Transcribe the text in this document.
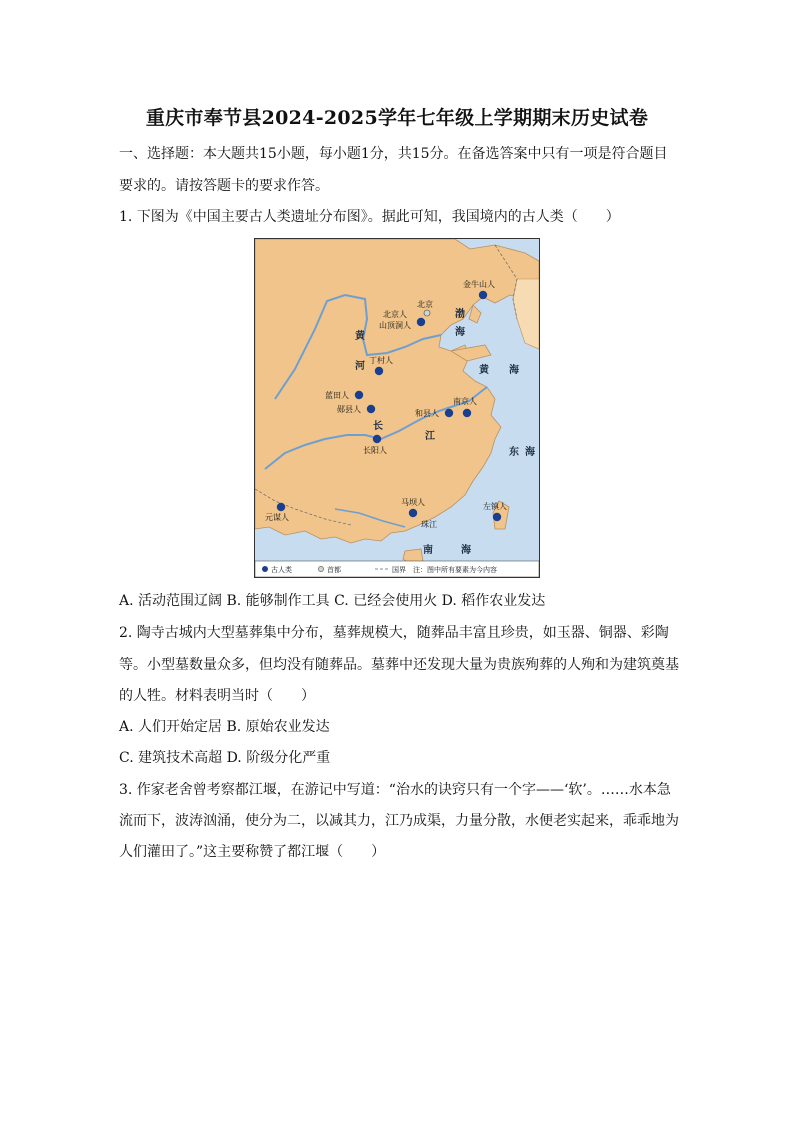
重庆市奉节县2024-2025学年七年级上学期期末历史试卷
一、选择题：本大题共15小题，每小题1分，共15分。在备选答案中只有一项是符合题目
要求的。请按答题卡的要求作答。
1. 下图为《中国主要古人类遗址分布图》。据此可知，我国境内的古人类（　　）
北京
金牛山人
北京人
山顶洞人
丁村人
蓝田人
郧县人
长阳人
和县人
南京人
元谋人
马坝人	左镇人
渤
海
黄 海
东 海
南	海
黄
河
长
江
珠江
古人类	首都	国界 注：图中所有要素为今内容
A. 活动范围辽阔 B. 能够制作工具 C. 已经会使用火 D. 稻作农业发达
2. 陶寺古城内大型墓葬集中分布，墓葬规模大，随葬品丰富且珍贵，如玉器、铜器、彩陶
等。小型墓数量众多，但均没有随葬品。墓葬中还发现大量为贵族殉葬的人殉和为建筑奠基
的人牲。材料表明当时（　　）
A. 人们开始定居 B. 原始农业发达
C. 建筑技术高超 D. 阶级分化严重
3. 作家老舍曾考察都江堰，在游记中写道：“治水的诀窍只有一个字——‘软’。……水本急
流而下，波涛汹涌，使分为二，以减其力，江乃成渠，力量分散，水便老实起来，乖乖地为
人们灌田了。”这主要称赞了都江堰（　　）
